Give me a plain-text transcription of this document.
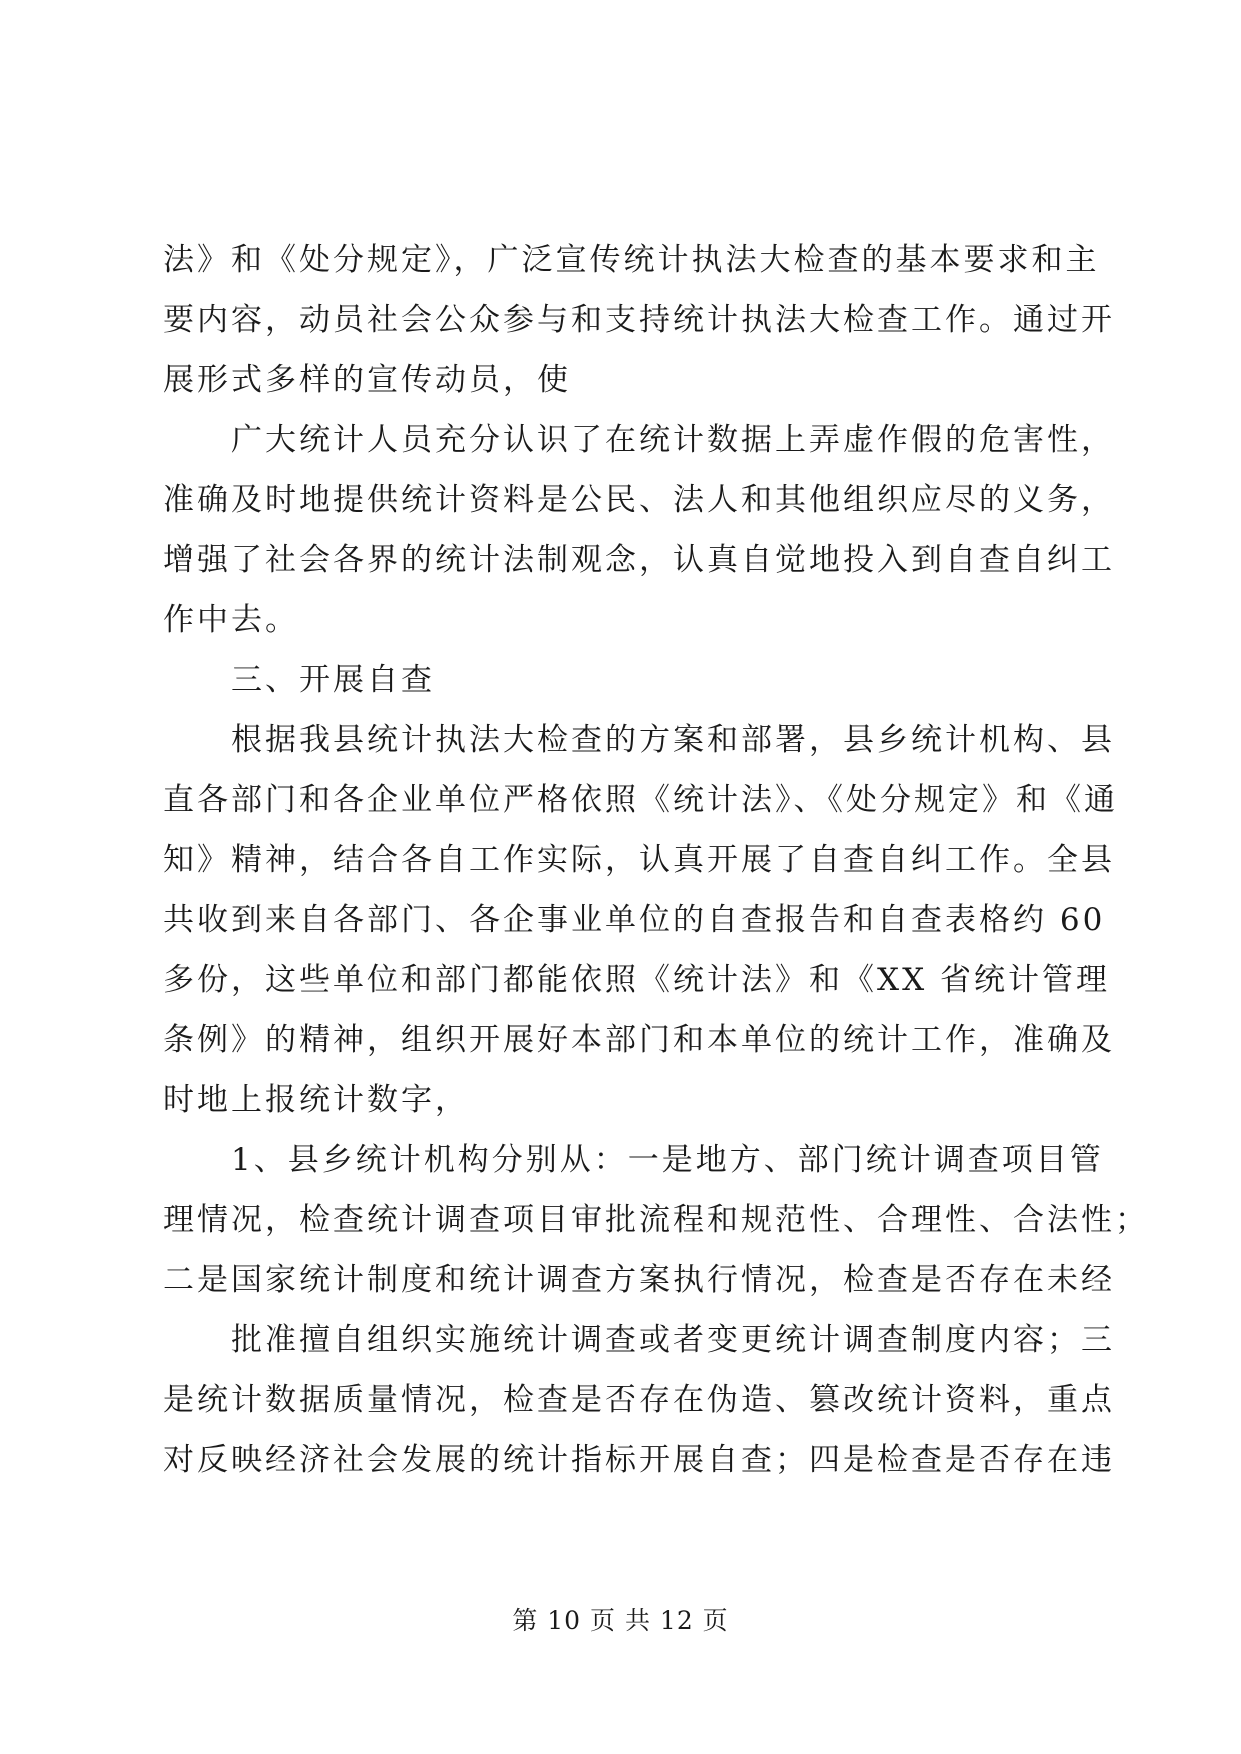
法》和《处分规定》，广泛宣传统计执法大检查的基本要求和主
要内容，动员社会公众参与和支持统计执法大检查工作。通过开
展形式多样的宣传动员，使
广大统计人员充分认识了在统计数据上弄虚作假的危害性，
准确及时地提供统计资料是公民、法人和其他组织应尽的义务，
增强了社会各界的统计法制观念，认真自觉地投入到自查自纠工
作中去。
三、开展自查
根据我县统计执法大检查的方案和部署，县乡统计机构、县
直各部门和各企业单位严格依照《统计法》、《处分规定》和《通
知》精神，结合各自工作实际，认真开展了自查自纠工作。全县
共收到来自各部门、各企事业单位的自查报告和自查表格约 60
多份，这些单位和部门都能依照《统计法》和《XX 省统计管理
条例》的精神，组织开展好本部门和本单位的统计工作，准确及
时地上报统计数字，
1、县乡统计机构分别从：一是地方、部门统计调查项目管
理情况，检查统计调查项目审批流程和规范性、合理性、合法性；
二是国家统计制度和统计调查方案执行情况，检查是否存在未经
批准擅自组织实施统计调查或者变更统计调查制度内容；三
是统计数据质量情况，检查是否存在伪造、篡改统计资料，重点
对反映经济社会发展的统计指标开展自查；四是检查是否存在违
第 10 页 共 12 页
